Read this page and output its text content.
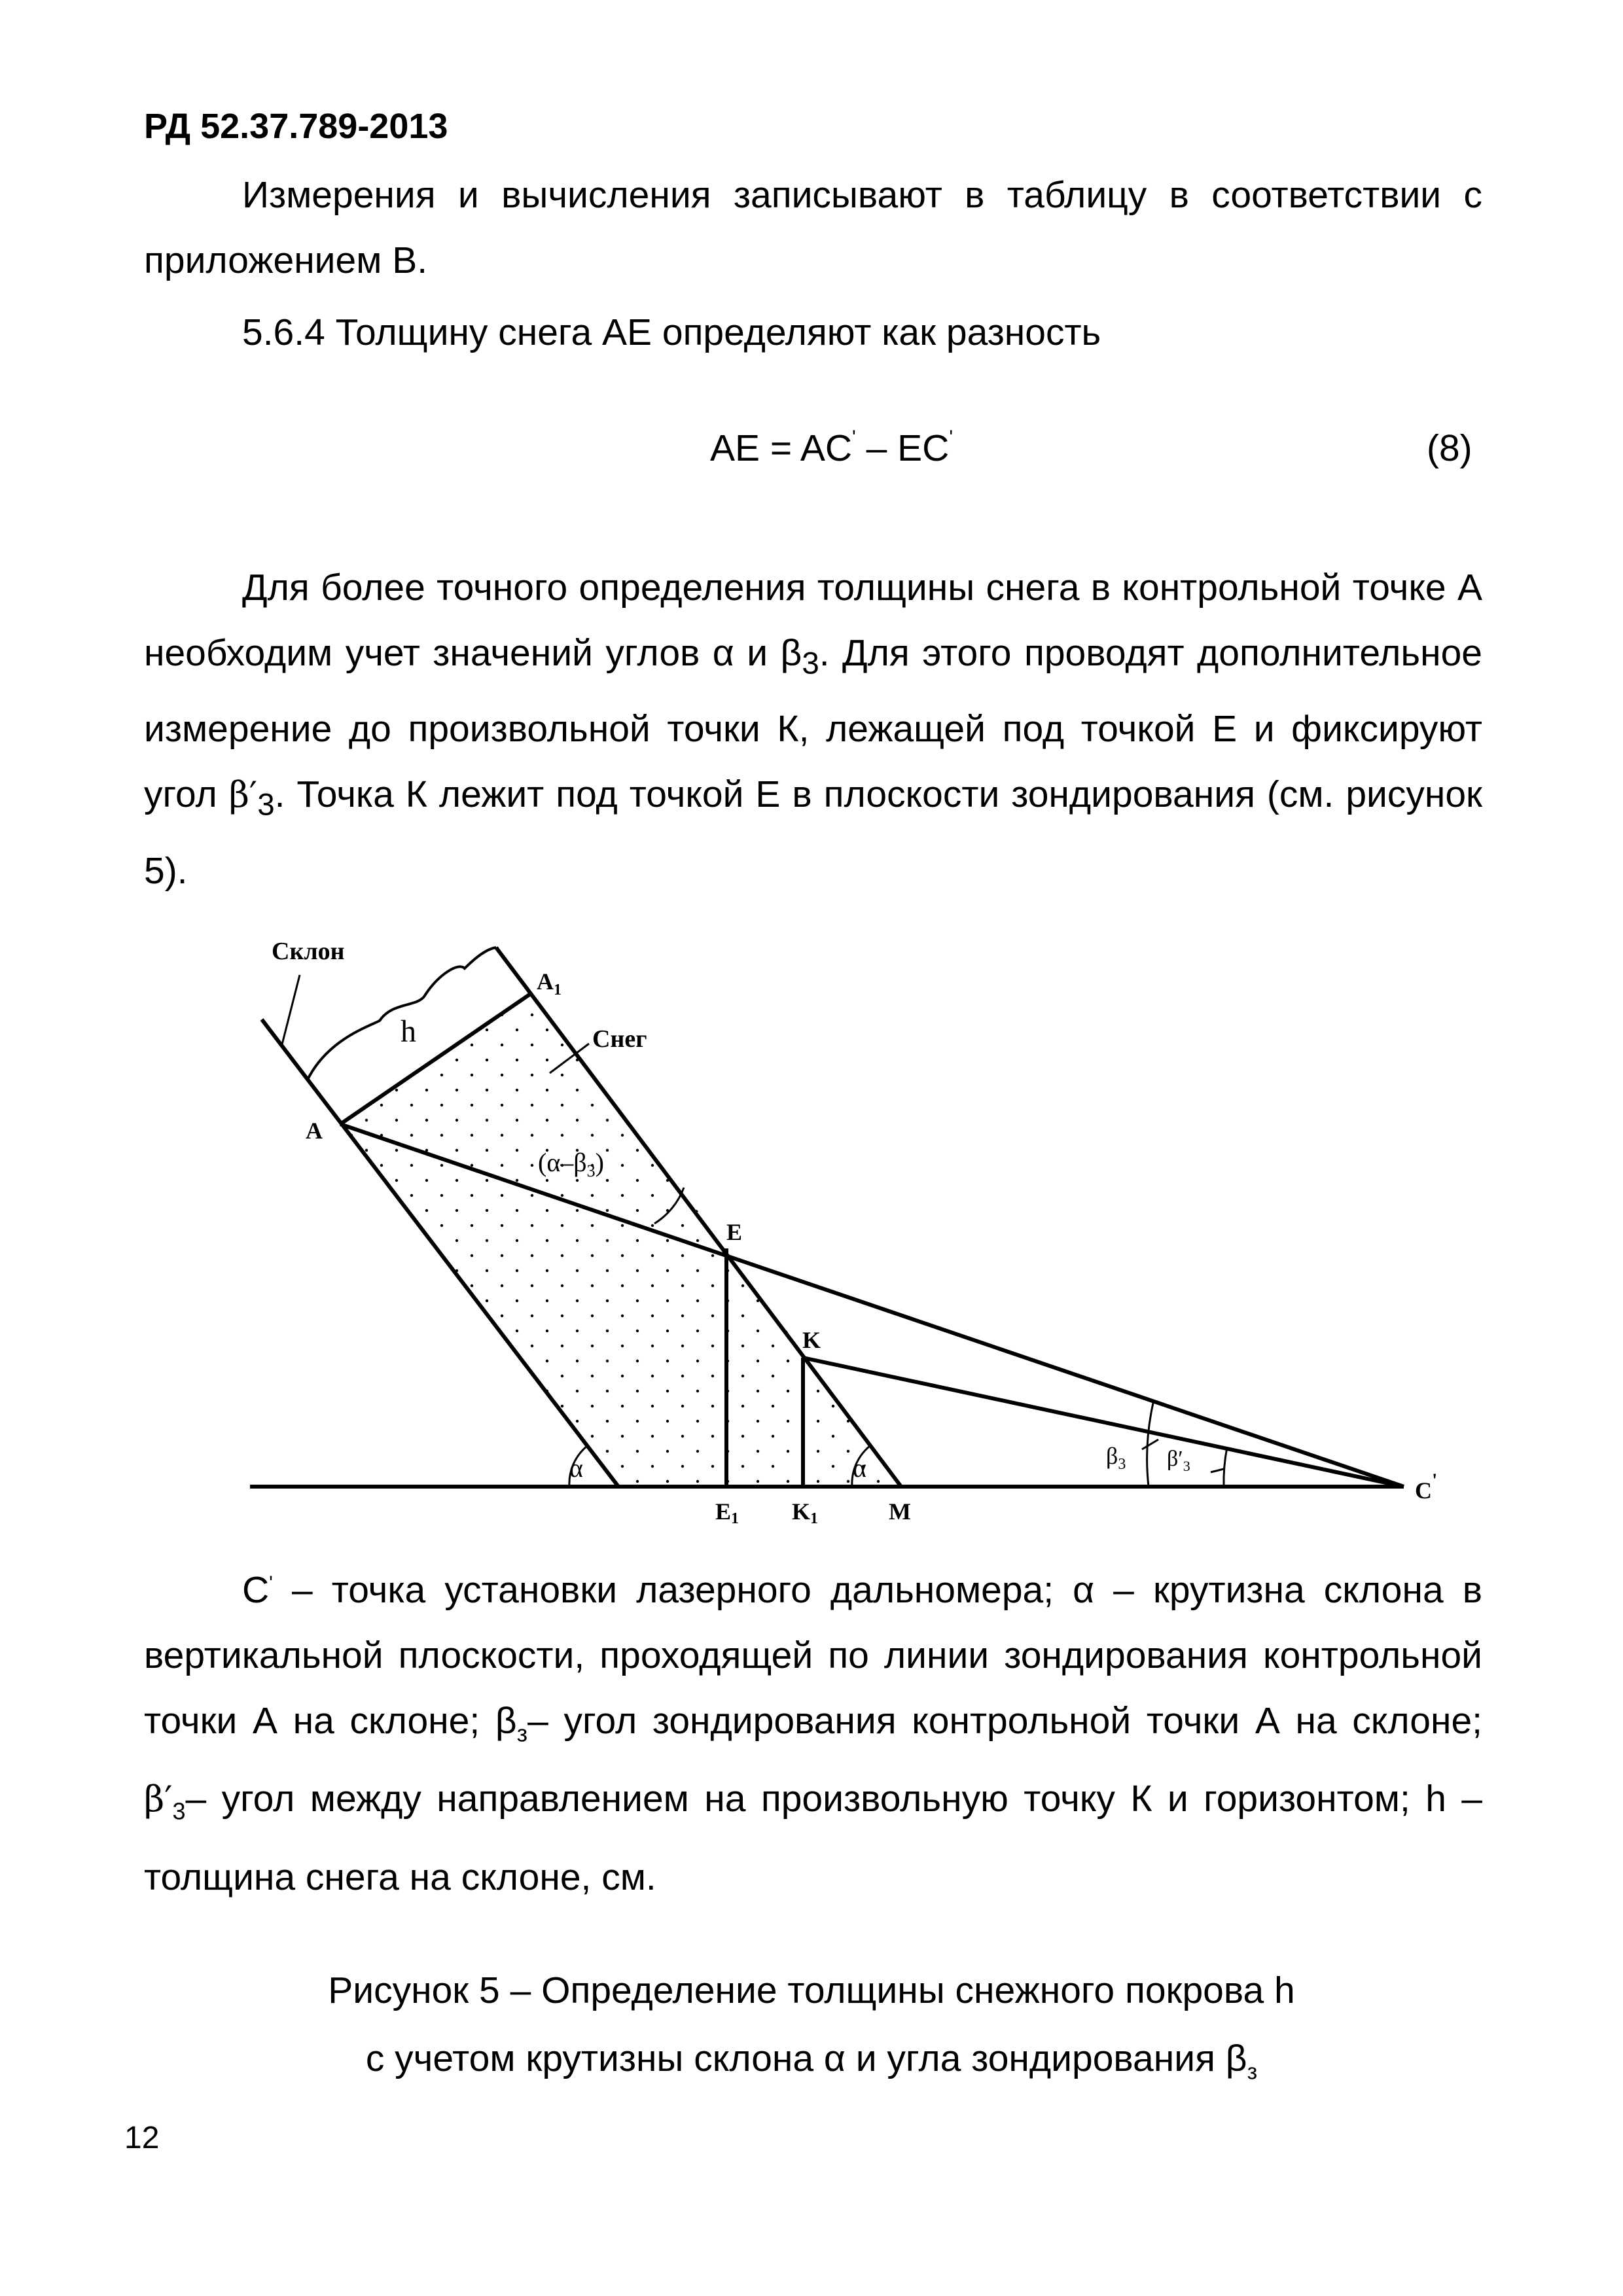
РД 52.37.789-2013
Измерения и вычисления записывают в таблицу в соответствии с приложением В.
5.6.4 Толщину снега АЕ определяют как разность
AE = AC' – EC'	(8)
Для более точного определения толщины снега в контрольной точке А необходим учет значений углов α и $\beta_3$. Для этого проводят дополнительное измерение до произвольной точки К, лежащей под точкой Е и фиксируют угол $\beta'_3$. Точка К лежит под точкой Е в плоскости зондирования (см. рисунок 5).
Склон
Снег
A
$A_1$
h
$(\alpha-\beta_3)$
E
K
α	α
E1 K1	M
$\beta_3$ $\beta'_3$
C'
С' – точка установки лазерного дальномера; α – крутизна склона в вертикальной плоскости, проходящей по линии зондирования контрольной точки А на склоне; $\beta_з-$ угол зондирования контрольной точки А на склоне; $\beta'_3-$ угол между направлением на произвольную точку К и горизонтом; h – толщина снега на склоне, см.
Рисунок 5 – Определение толщины снежного покрова h
с учетом крутизны склона α и угла зондирования $\beta_з$
12
